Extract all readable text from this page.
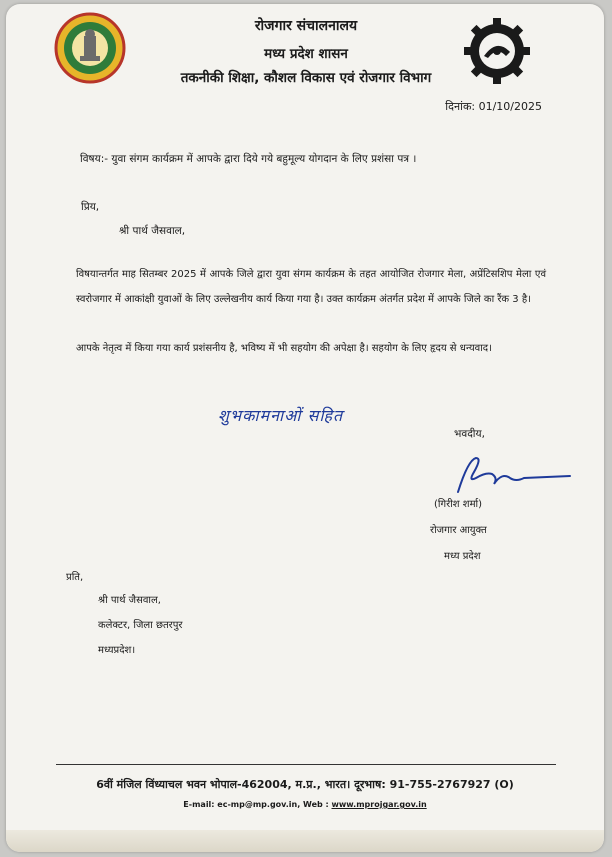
रोजगार संचालनालय
मध्य प्रदेश शासन
तकनीकी शिक्षा, कौशल विकास एवं रोजगार विभाग
दिनांक: 01/10/2025
विषय:- युवा संगम कार्यक्रम में आपके द्वारा दिये गये बहुमूल्य योगदान के लिए प्रशंसा पत्र ।
प्रिय,
श्री पार्थ जैसवाल,
विषयान्तर्गत माह सितम्बर 2025 में आपके जिले द्वारा युवा संगम कार्यक्रम के तहत आयोजित रोजगार मेला, अप्रेंटिसशिप मेला एवं स्वरोजगार में आकांक्षी युवाओं के लिए उल्लेखनीय कार्य किया गया है। उक्त कार्यक्रम अंतर्गत प्रदेश में आपके जिले का रैंक 3 है।
आपके नेतृत्व में किया गया कार्य प्रशंसनीय है, भविष्य में भी सहयोग की अपेक्षा है। सहयोग के लिए हृदय से धन्यवाद।
शुभकामनाओं सहित
भवदीय,
(गिरीश शर्मा)
रोजगार आयुक्त
मध्य प्रदेश
प्रति,
श्री पार्थ जैसवाल,
कलेक्टर, जिला छतरपुर
मध्यप्रदेश।
6वीं मंजिल विंध्याचल भवन भोपाल-462004, म.प्र., भारत। दूरभाष: 91-755-2767927 (O)
E-mail: ec-mp@mp.gov.in, Web : www.mprojgar.gov.in
